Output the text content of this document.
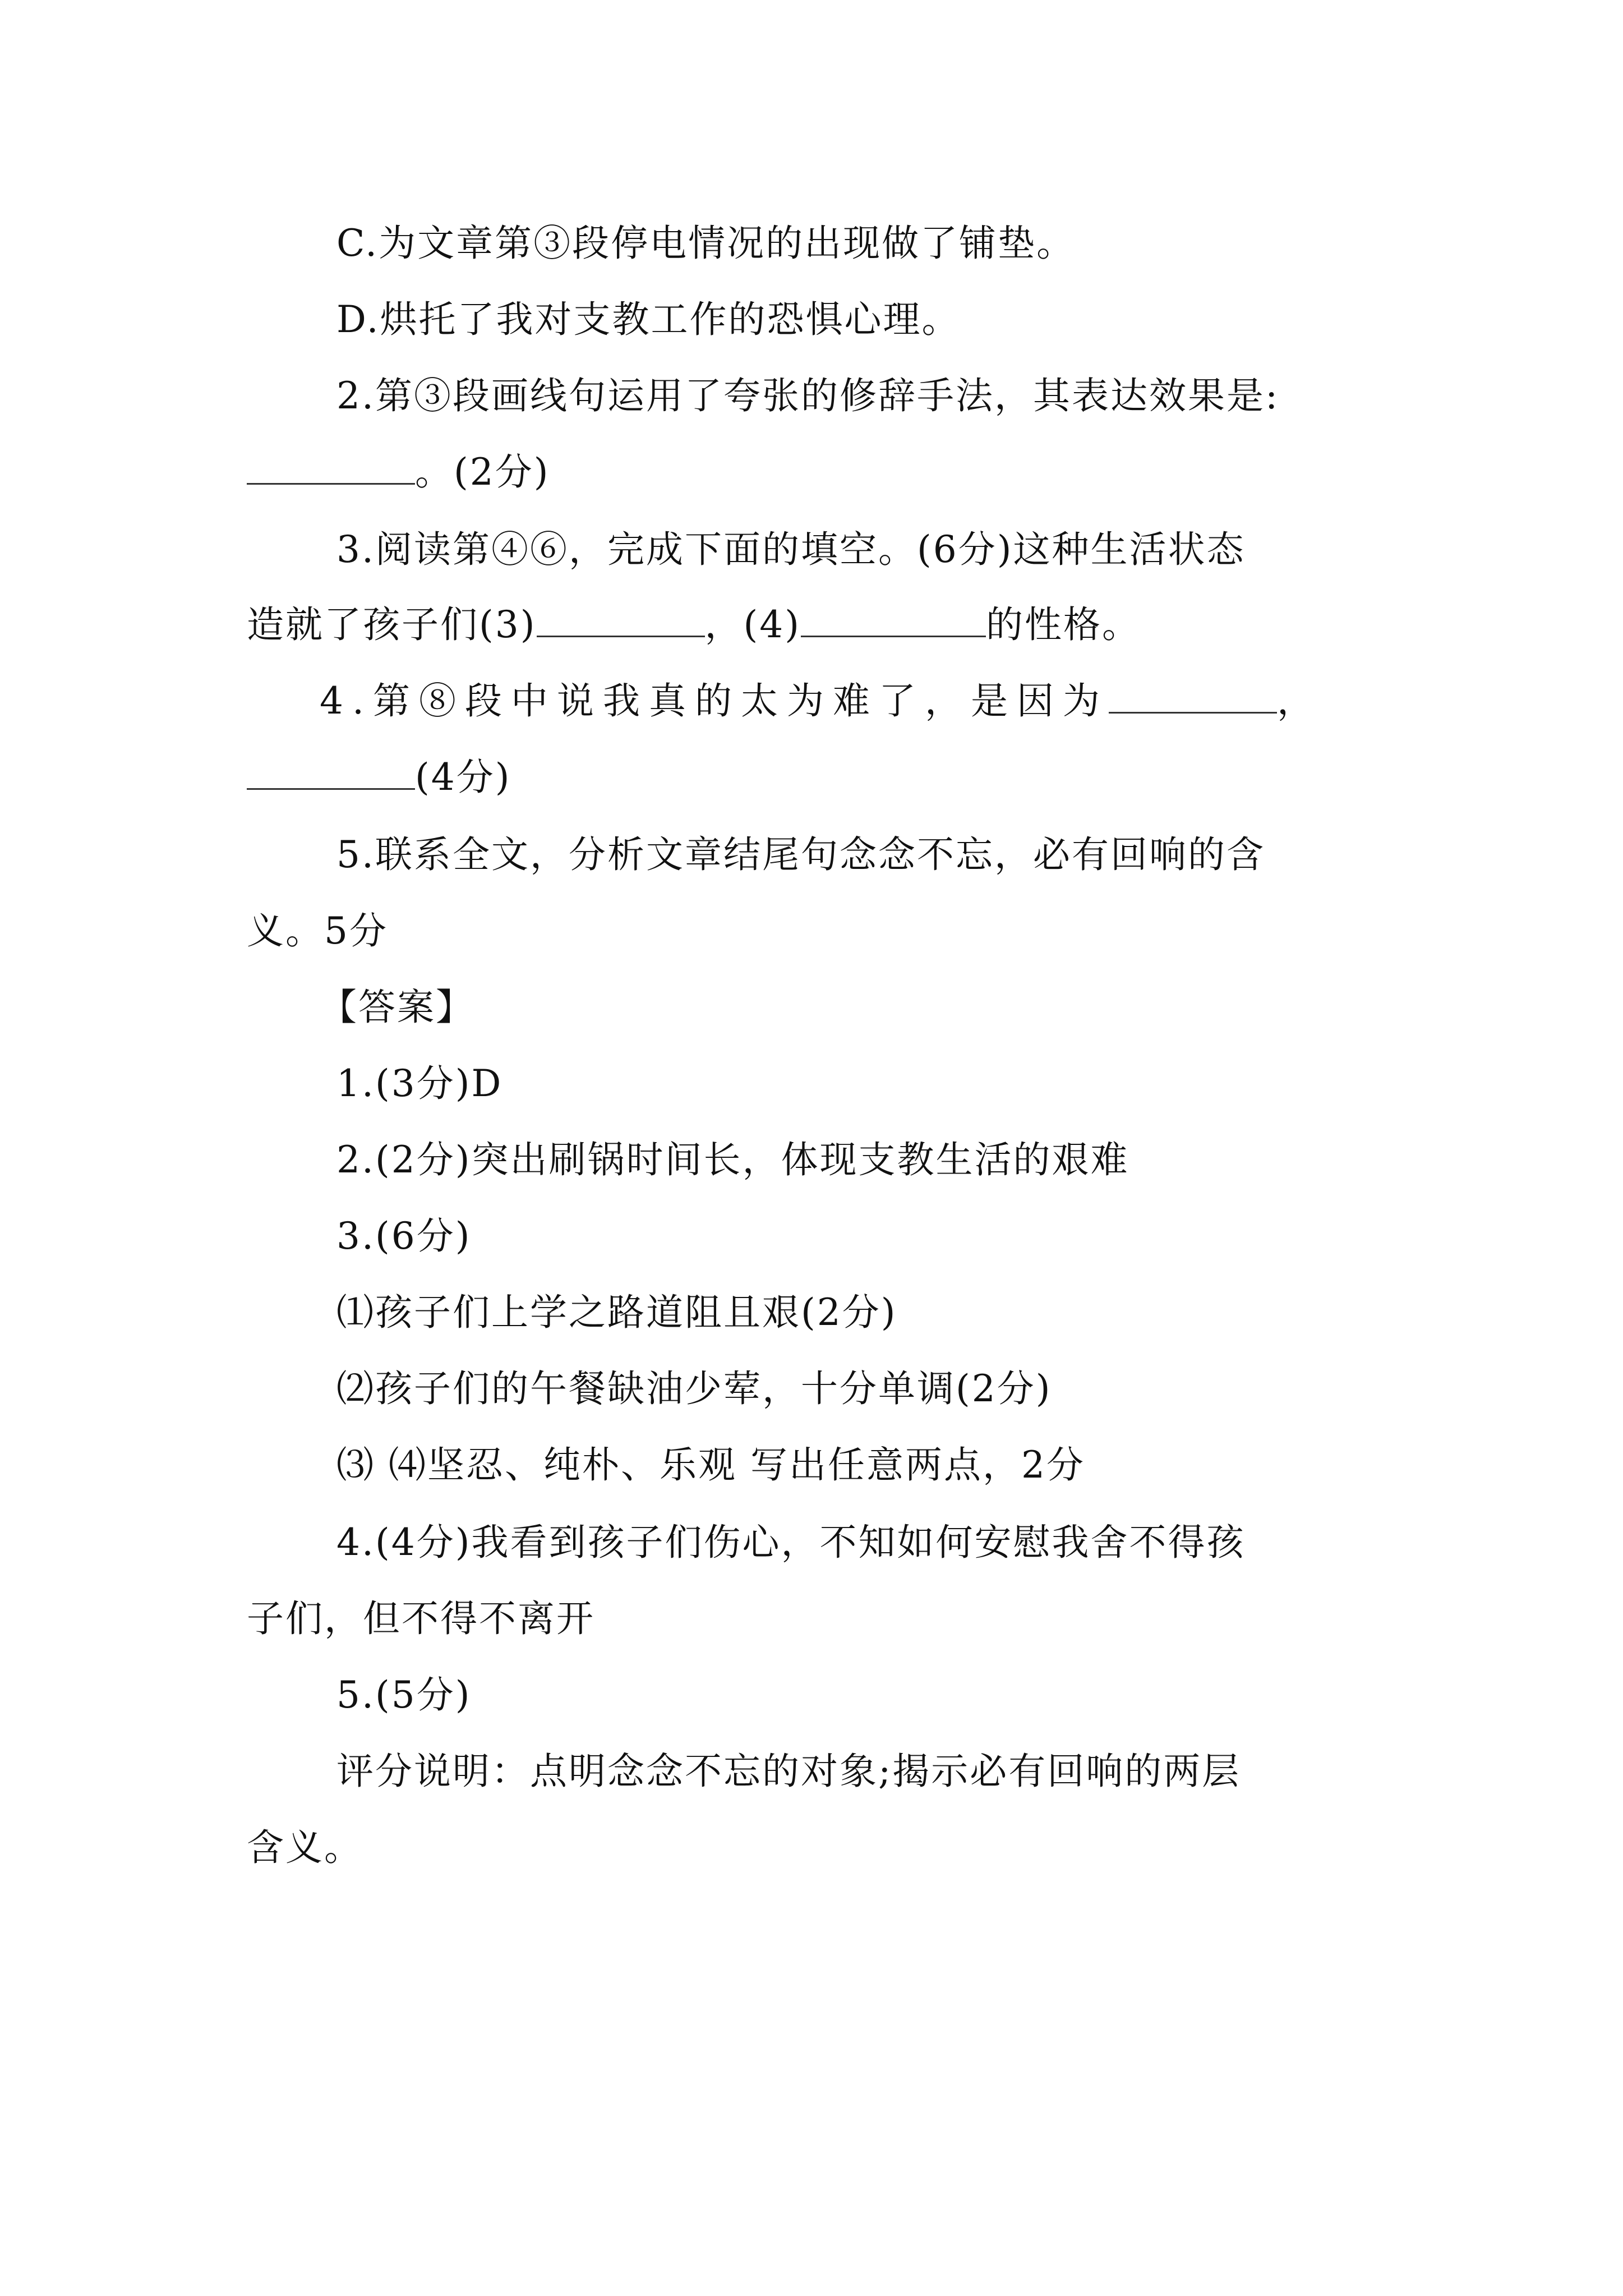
C.为文章第③段停电情况的出现做了铺垫。
D.烘托了我对支教工作的恐惧心理。
2.第③段画线句运用了夸张的修辞手法，其表达效果是:
。(2分)
3.阅读第④⑥，完成下面的填空。(6分)这种生活状态
造就了孩子们(3)	，(4)	的性格。
4.第⑧段中说我真的太为难了，是因为	，
(4分)
5.联系全文，分析文章结尾句念念不忘，必有回响的含
义。5分
【答案】
1.(3分)D
2.(2分)突出刷锅时间长，体现支教生活的艰难
3.(6分)
⑴孩子们上学之路道阻且艰(2分)
⑵孩子们的午餐缺油少荤，十分单调(2分)
⑶ ⑷坚忍、纯朴、乐观 写出任意两点，2分
4.(4分)我看到孩子们伤心，不知如何安慰我舍不得孩
子们，但不得不离开
5.(5分)
评分说明：点明念念不忘的对象;揭示必有回响的两层
含义。
